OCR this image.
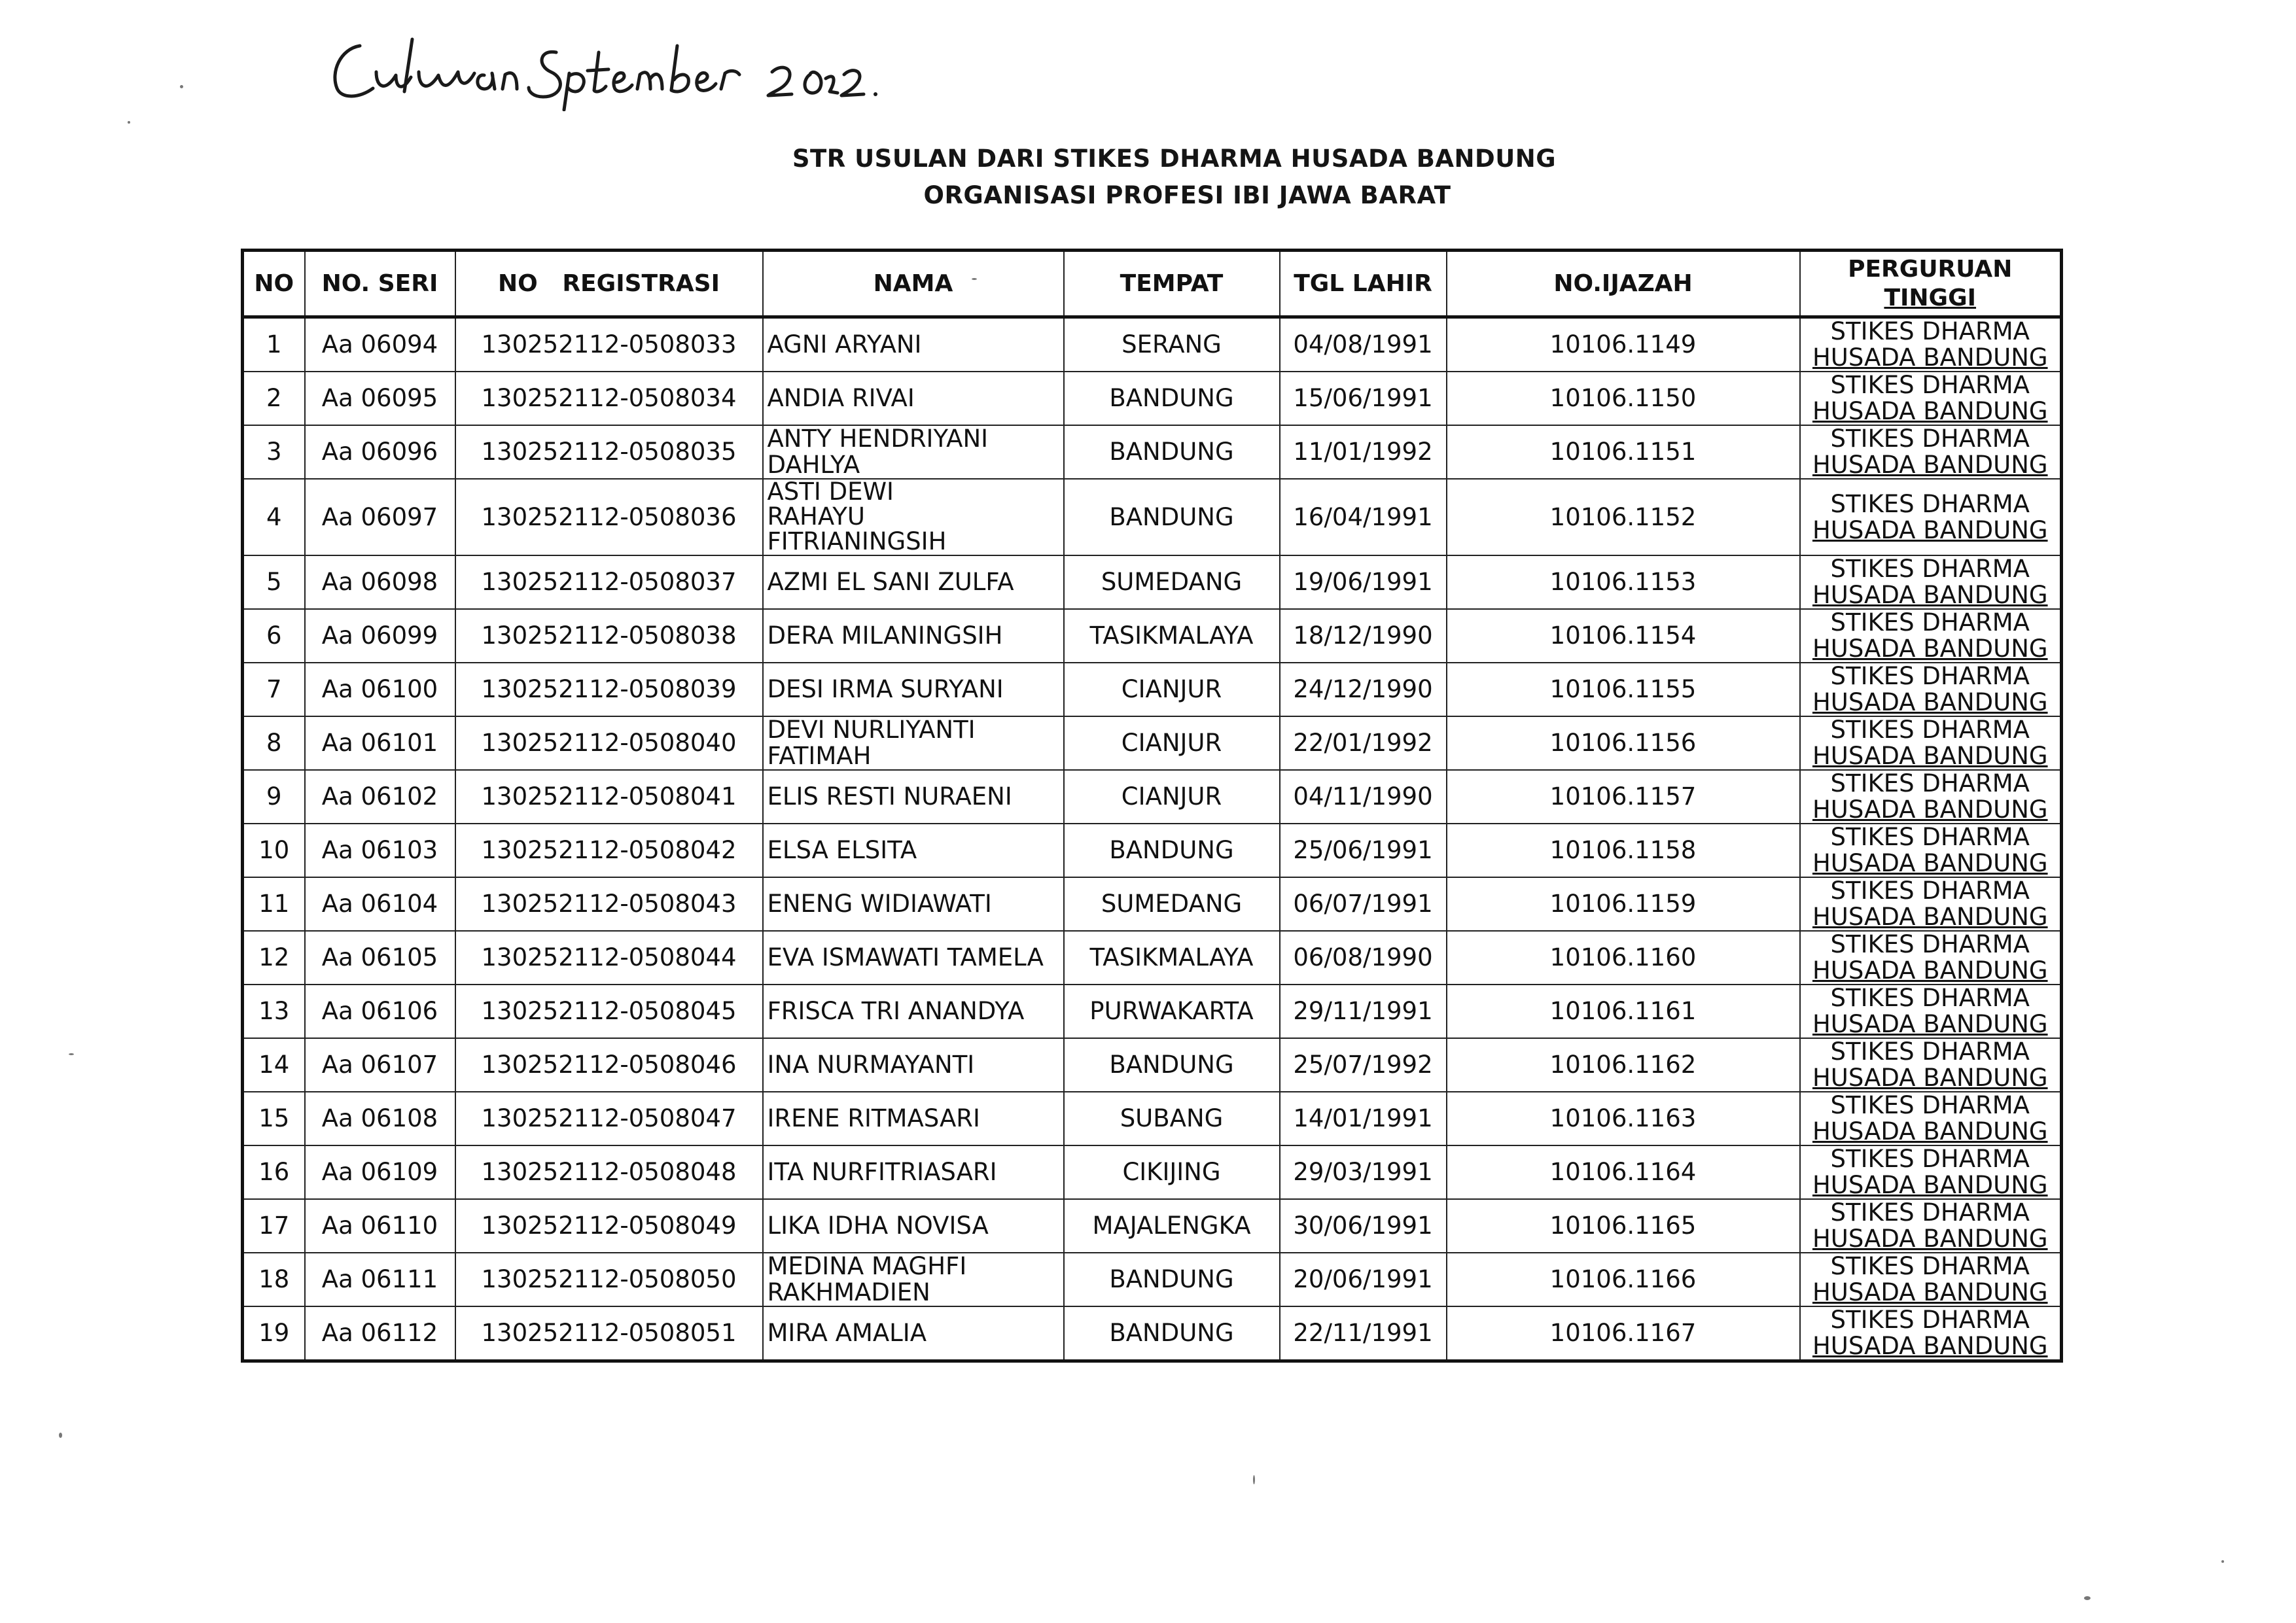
STR USULAN DARI STIKES DHARMA HUSADA BANDUNG
ORGANISASI PROFESI IBI JAWA BARAT
NO	NO. SERI	NO   REGISTRASI	NAMA	TEMPAT	TGL LAHIR	NO.IJAZAH	PERGURUAN
TINGGI

1	Aa 06094	130252112-0508033	AGNI ARYANI	SERANG	04/08/1991	10106.1149	STIKES DHARMA
HUSADA BANDUNG

2	Aa 06095	130252112-0508034	ANDIA RIVAI	BANDUNG	15/06/1991	10106.1150	STIKES DHARMA
HUSADA BANDUNG

3	Aa 06096	130252112-0508035	ANTY HENDRIYANI DAHLYA	BANDUNG	11/01/1992	10106.1151	STIKES DHARMA
HUSADA BANDUNG

4	Aa 06097	130252112-0508036	ASTI DEWI RAHAYU FITRIANINGSIH	BANDUNG	16/04/1991	10106.1152	STIKES DHARMA
HUSADA BANDUNG

5	Aa 06098	130252112-0508037	AZMI EL SANI ZULFA	SUMEDANG	19/06/1991	10106.1153	STIKES DHARMA
HUSADA BANDUNG

6	Aa 06099	130252112-0508038	DERA MILANINGSIH	TASIKMALAYA	18/12/1990	10106.1154	STIKES DHARMA
HUSADA BANDUNG

7	Aa 06100	130252112-0508039	DESI IRMA SURYANI	CIANJUR	24/12/1990	10106.1155	STIKES DHARMA
HUSADA BANDUNG

8	Aa 06101	130252112-0508040	DEVI NURLIYANTI FATIMAH	CIANJUR	22/01/1992	10106.1156	STIKES DHARMA
HUSADA BANDUNG

9	Aa 06102	130252112-0508041	ELIS RESTI NURAENI	CIANJUR	04/11/1990	10106.1157	STIKES DHARMA
HUSADA BANDUNG

10	Aa 06103	130252112-0508042	ELSA ELSITA	BANDUNG	25/06/1991	10106.1158	STIKES DHARMA
HUSADA BANDUNG

11	Aa 06104	130252112-0508043	ENENG WIDIAWATI	SUMEDANG	06/07/1991	10106.1159	STIKES DHARMA
HUSADA BANDUNG

12	Aa 06105	130252112-0508044	EVA ISMAWATI TAMELA	TASIKMALAYA	06/08/1990	10106.1160	STIKES DHARMA
HUSADA BANDUNG

13	Aa 06106	130252112-0508045	FRISCA TRI ANANDYA	PURWAKARTA	29/11/1991	10106.1161	STIKES DHARMA
HUSADA BANDUNG

14	Aa 06107	130252112-0508046	INA NURMAYANTI	BANDUNG	25/07/1992	10106.1162	STIKES DHARMA
HUSADA BANDUNG

15	Aa 06108	130252112-0508047	IRENE RITMASARI	SUBANG	14/01/1991	10106.1163	STIKES DHARMA
HUSADA BANDUNG

16	Aa 06109	130252112-0508048	ITA NURFITRIASARI	CIKIJING	29/03/1991	10106.1164	STIKES DHARMA
HUSADA BANDUNG

17	Aa 06110	130252112-0508049	LIKA IDHA NOVISA	MAJALENGKA	30/06/1991	10106.1165	STIKES DHARMA
HUSADA BANDUNG

18	Aa 06111	130252112-0508050	MEDINA MAGHFI RAKHMADIEN	BANDUNG	20/06/1991	10106.1166	STIKES DHARMA
HUSADA BANDUNG

19	Aa 06112	130252112-0508051	MIRA AMALIA	BANDUNG	22/11/1991	10106.1167	STIKES DHARMA
HUSADA BANDUNG
